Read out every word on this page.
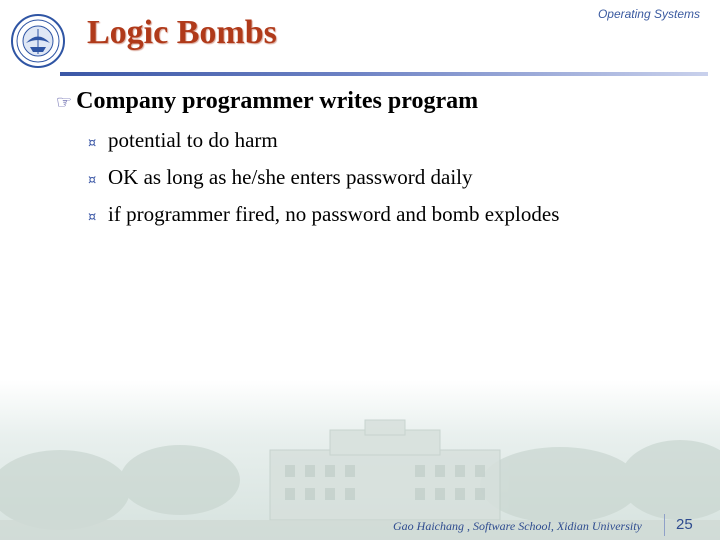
Logic Bombs	Operating Systems
☞ Company programmer writes program
¤ potential to do harm
¤ OK as long as he/she enters password daily
¤ if programmer fired, no password and bomb explodes
Gao Haichang , Software School, Xidian University 25
